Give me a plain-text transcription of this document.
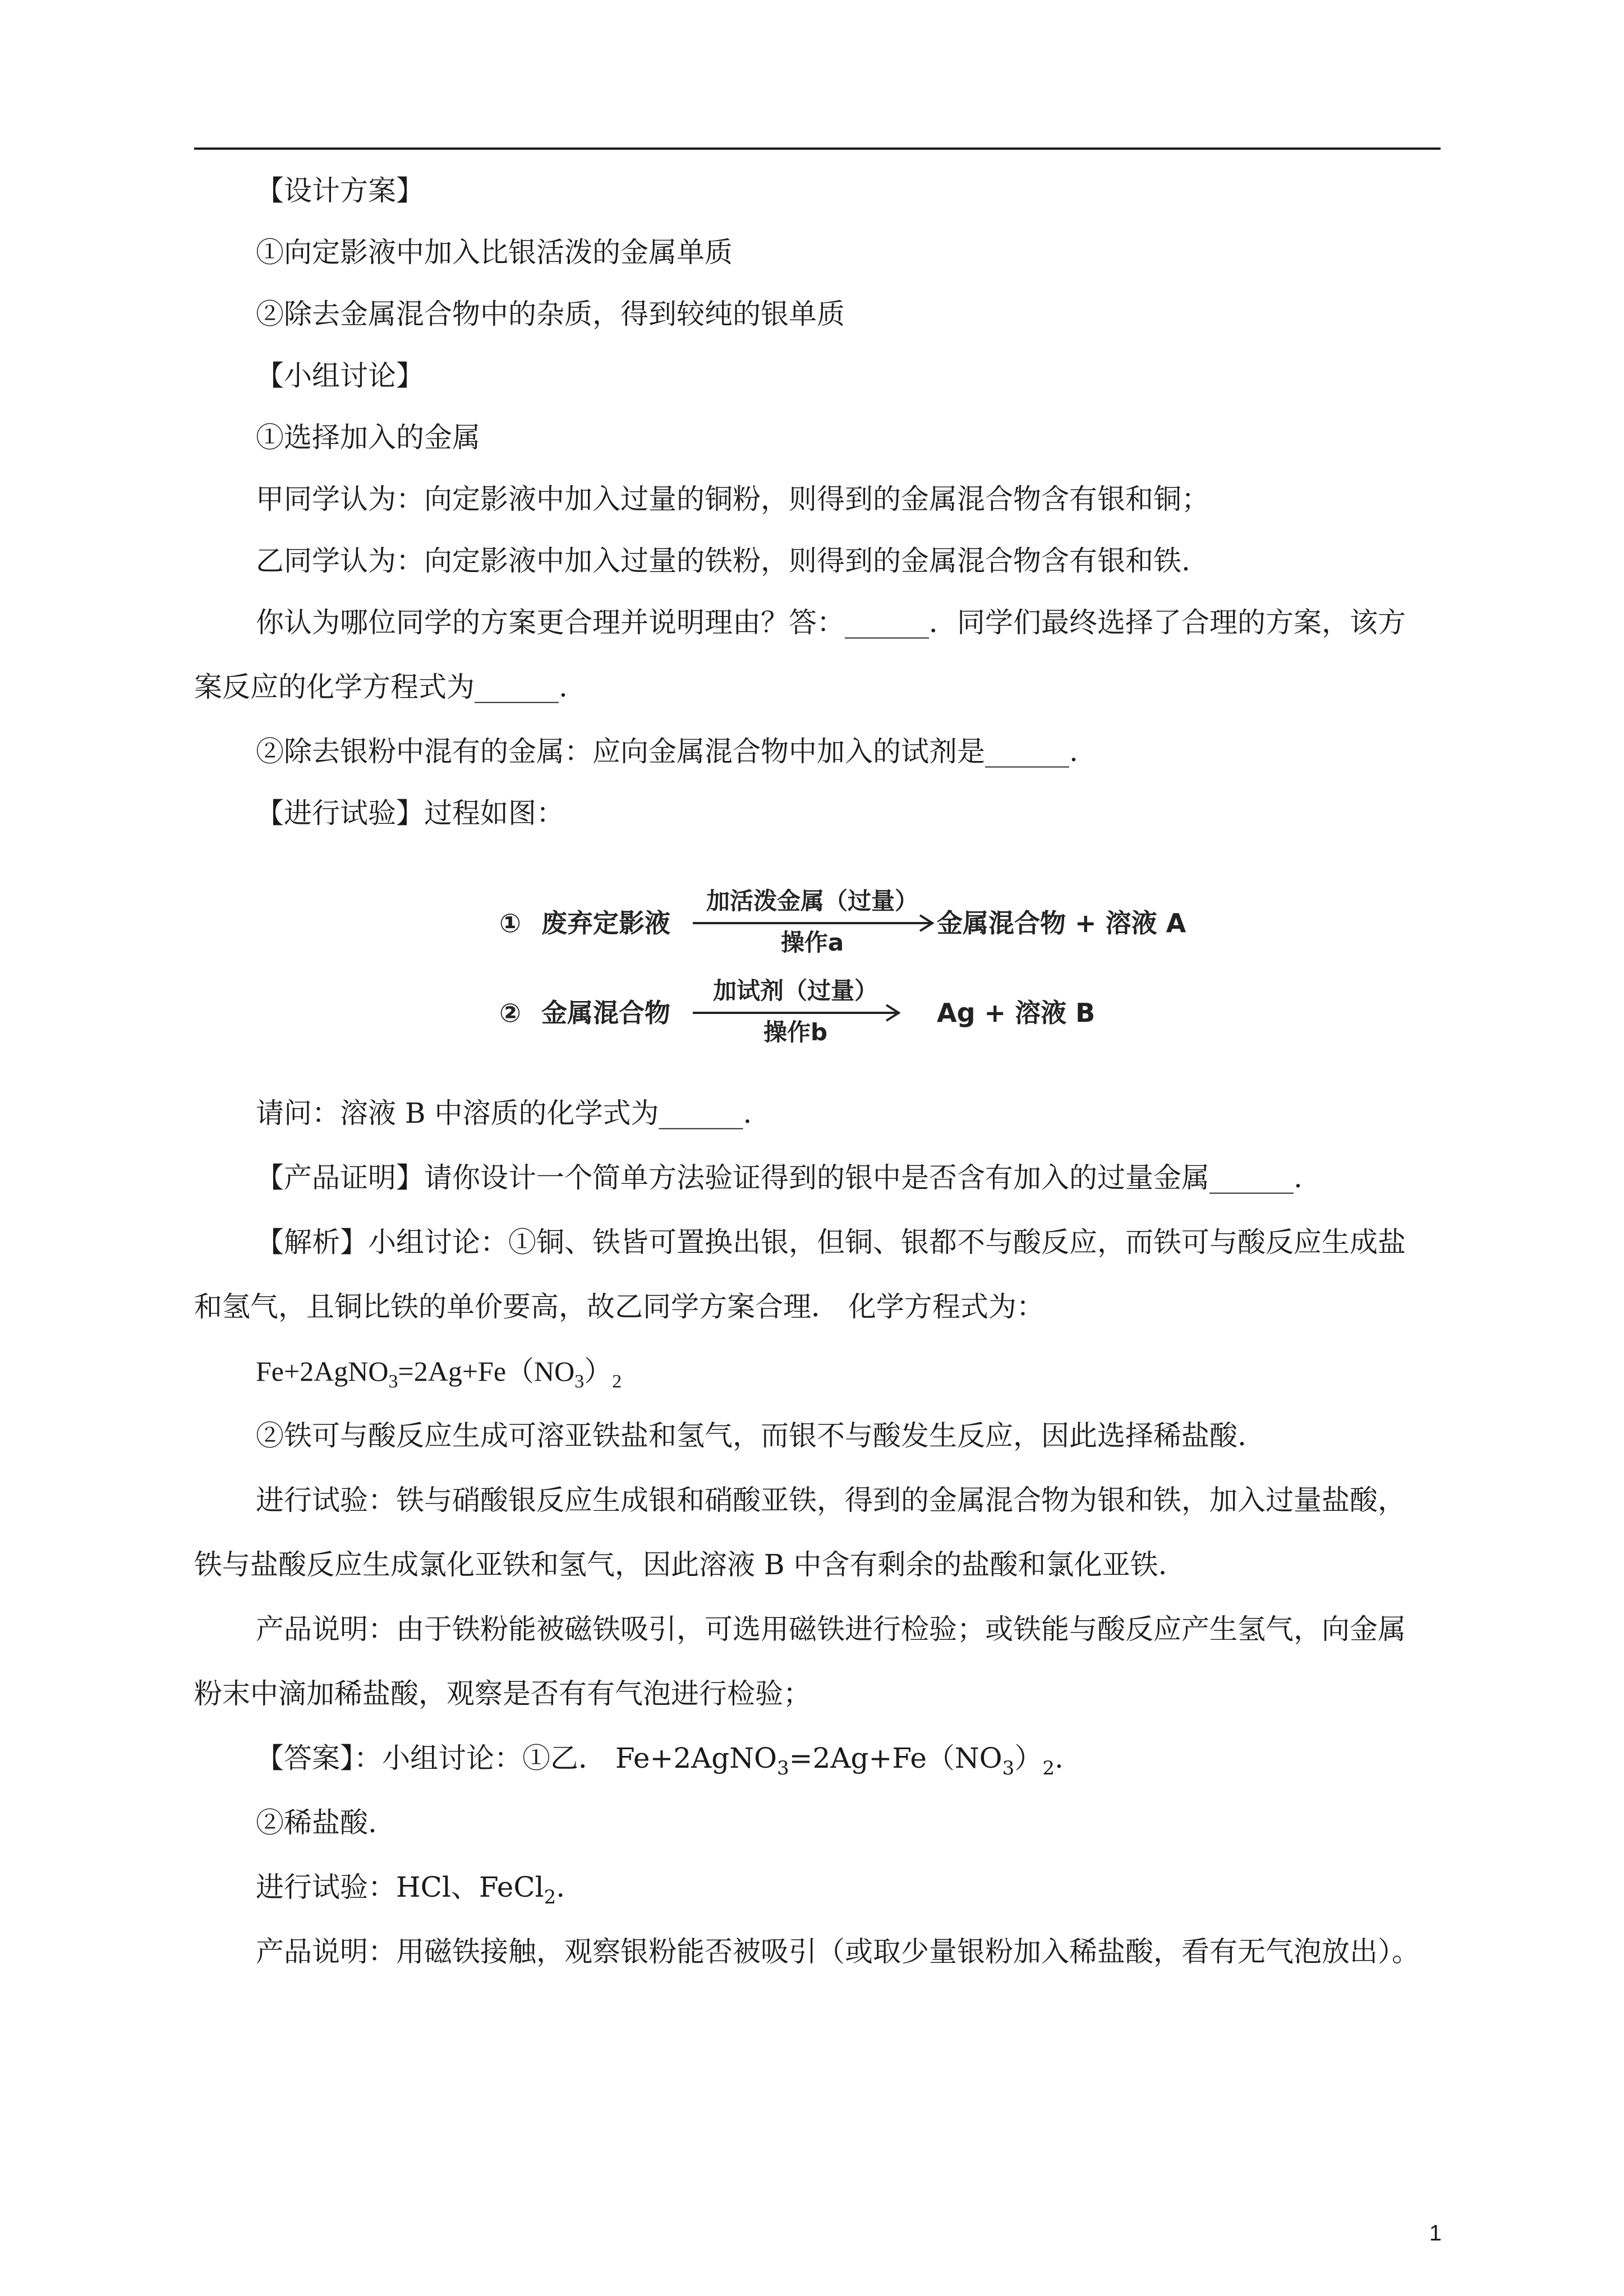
【设计方案】
①向定影液中加入比银活泼的金属单质
②除去金属混合物中的杂质，得到较纯的银单质
【小组讨论】
①选择加入的金属
甲同学认为：向定影液中加入过量的铜粉，则得到的金属混合物含有银和铜；
乙同学认为：向定影液中加入过量的铁粉，则得到的金属混合物含有银和铁.
你认为哪位同学的方案更合理并说明理由？答：______．同学们最终选择了合理的方案，该方
案反应的化学方程式为______.
②除去银粉中混有的金属：应向金属混合物中加入的试剂是______.
【进行试验】过程如图：
① 废弃定影液
加活泼金属（过量）
操作a
金属混合物 + 溶液 A
② 金属混合物
加试剂（过量）
操作b
Ag + 溶液 B
请问：溶液 B 中溶质的化学式为______.
【产品证明】请你设计一个简单方法验证得到的银中是否含有加入的过量金属______.
【解析】小组讨论：①铜、铁皆可置换出银，但铜、银都不与酸反应，而铁可与酸反应生成盐
和氢气，且铜比铁的单价要高，故乙同学方案合理． 化学方程式为：
$Fe+2AgNO_3=2Ag+Fe(NO_3)_2$
②铁可与酸反应生成可溶亚铁盐和氢气，而银不与酸发生反应，因此选择稀盐酸.
进行试验：铁与硝酸银反应生成银和硝酸亚铁，得到的金属混合物为银和铁，加入过量盐酸，
铁与盐酸反应生成氯化亚铁和氢气，因此溶液 B 中含有剩余的盐酸和氯化亚铁.
产品说明：由于铁粉能被磁铁吸引，可选用磁铁进行检验；或铁能与酸反应产生氢气，向金属
粉末中滴加稀盐酸，观察是否有有气泡进行检验；
【答案】：小组讨论：①乙． $Fe+2AgNO_3=2Ag+Fe(NO_3)_2$.
②稀盐酸.
进行试验：HCl、FeCl$_2$.
产品说明：用磁铁接触，观察银粉能否被吸引（或取少量银粉加入稀盐酸，看有无气泡放出）。
1
